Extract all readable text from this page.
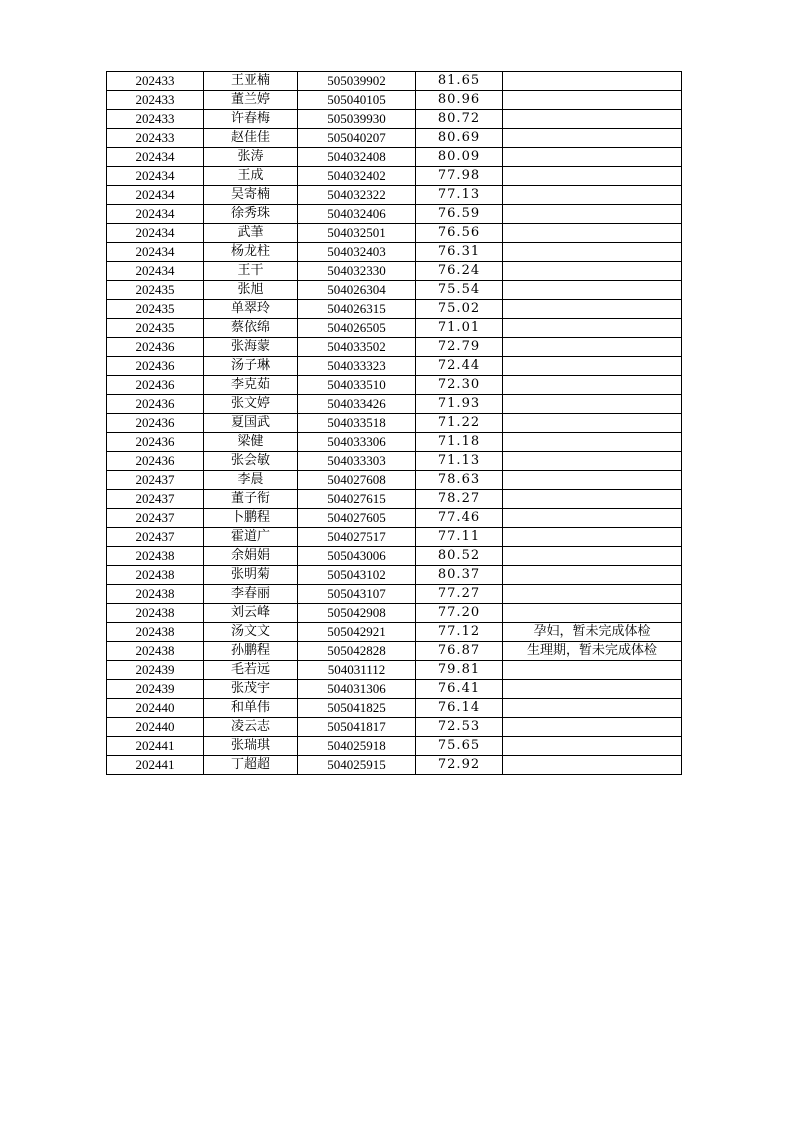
202433	王亚楠	505039902	81.65	
202433	董兰婷	505040105	80.96	
202433	许春梅	505039930	80.72	
202433	赵佳佳	505040207	80.69	
202434	张涛	504032408	80.09	
202434	王成	504032402	77.98	
202434	吴寄楠	504032322	77.13	
202434	徐秀珠	504032406	76.59	
202434	武茟	504032501	76.56	
202434	杨龙柱	504032403	76.31	
202434	王干	504032330	76.24	
202435	张旭	504026304	75.54	
202435	单翠玲	504026315	75.02	
202435	蔡依绵	504026505	71.01	
202436	张海蒙	504033502	72.79	
202436	汤子琳	504033323	72.44	
202436	李克茹	504033510	72.30	
202436	张文婷	504033426	71.93	
202436	夏国武	504033518	71.22	
202436	梁健	504033306	71.18	
202436	张会敏	504033303	71.13	
202437	李晨	504027608	78.63	
202437	董子衔	504027615	78.27	
202437	卜鹏程	504027605	77.46	
202437	霍道广	504027517	77.11	
202438	余娟娟	505043006	80.52	
202438	张明菊	505043102	80.37	
202438	李春丽	505043107	77.27	
202438	刘云峰	505042908	77.20	
202438	汤文文	505042921	77.12	孕妇，暂未完成体检
202438	孙鹏程	505042828	76.87	生理期，暂未完成体检
202439	毛若远	504031112	79.81	
202439	张茂宇	504031306	76.41	
202440	和单伟	505041825	76.14	
202440	凌云志	505041817	72.53	
202441	张瑞琪	504025918	75.65	
202441	丁超超	504025915	72.92	
